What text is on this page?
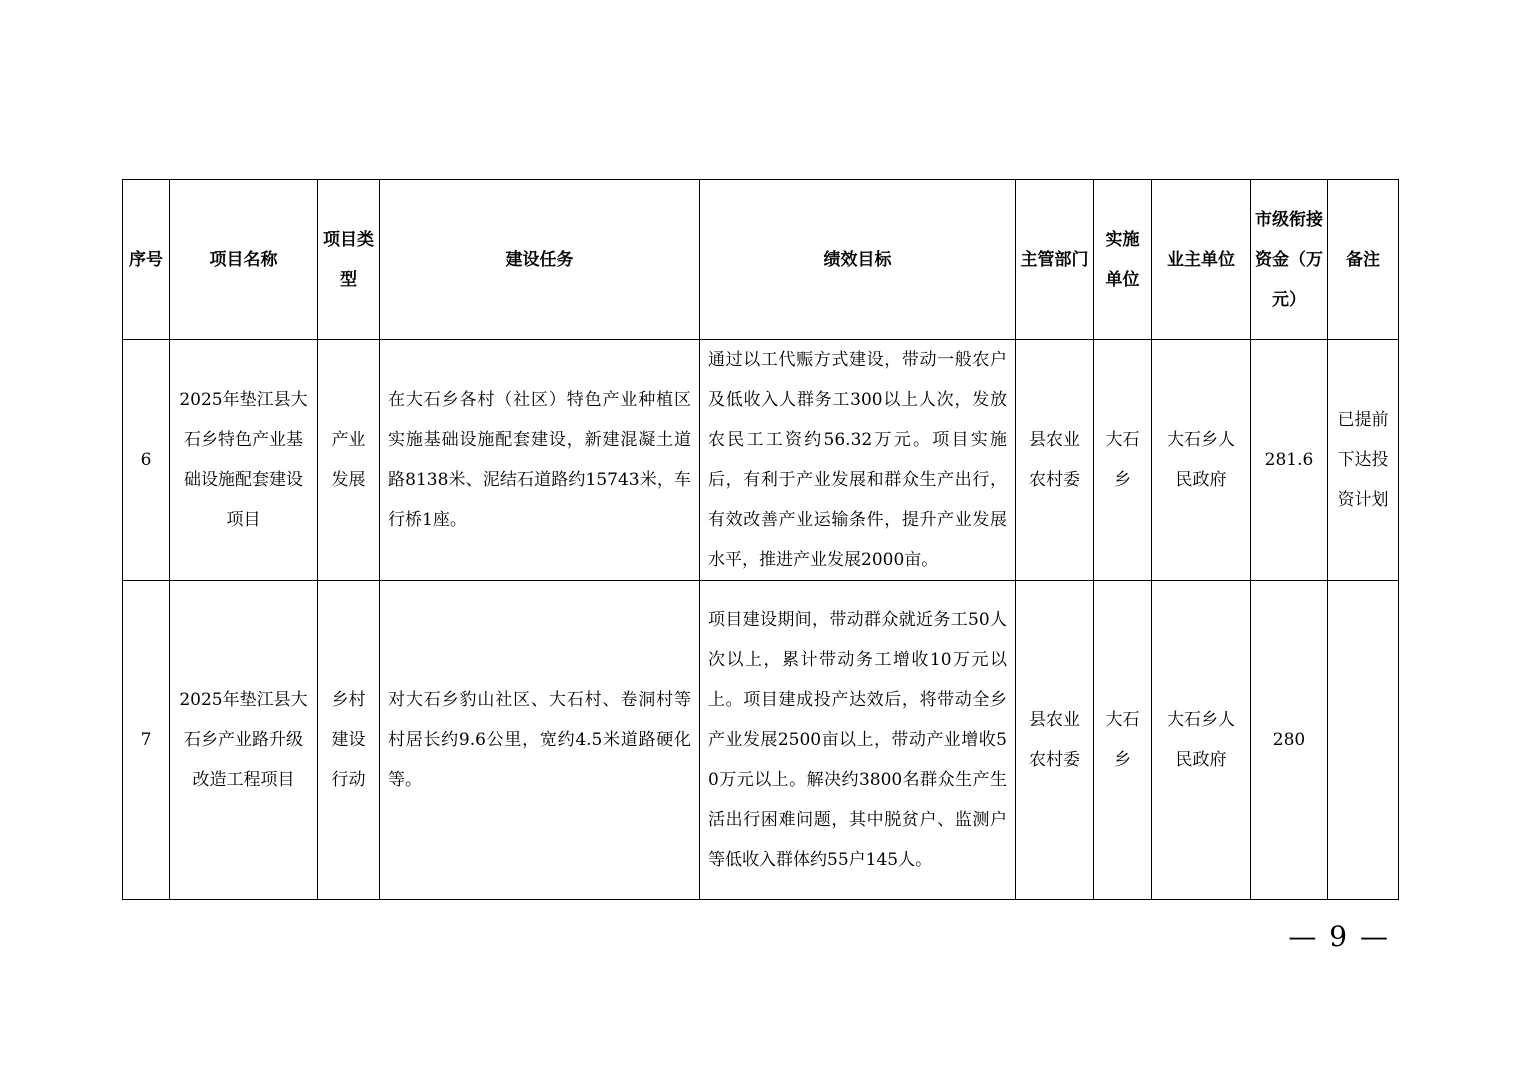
序号	项目名称	项目类型	建设任务	绩效目标	主管部门	实施单位	业主单位	市级衔接资金（万元）	备注
6	2025年垫江县大石乡特色产业基础设施配套建设项目	产业发展	在大石乡各村（社区）特色产业种植区实施基础设施配套建设，新建混凝土道路8138米、泥结石道路约15743米，车行桥1座。	通过以工代赈方式建设，带动一般农户及低收入人群务工300以上人次，发放农民工工资约56.32万元。项目实施后，有利于产业发展和群众生产出行，有效改善产业运输条件，提升产业发展水平，推进产业发展2000亩。	县农业农村委	大石乡	大石乡人民政府	281.6	已提前下达投资计划
7	2025年垫江县大石乡产业路升级改造工程项目	乡村建设行动	对大石乡豹山社区、大石村、卷洞村等村居长约9.6公里，宽约4.5米道路硬化等。	项目建设期间，带动群众就近务工50人次以上，累计带动务工增收10万元以上。项目建成投产达效后，将带动全乡产业发展2500亩以上，带动产业增收50万元以上。解决约3800名群众生产生活出行困难问题，其中脱贫户、监测户等低收入群体约55户145人。	县农业农村委	大石乡	大石乡人民政府	280	
— 9 —
